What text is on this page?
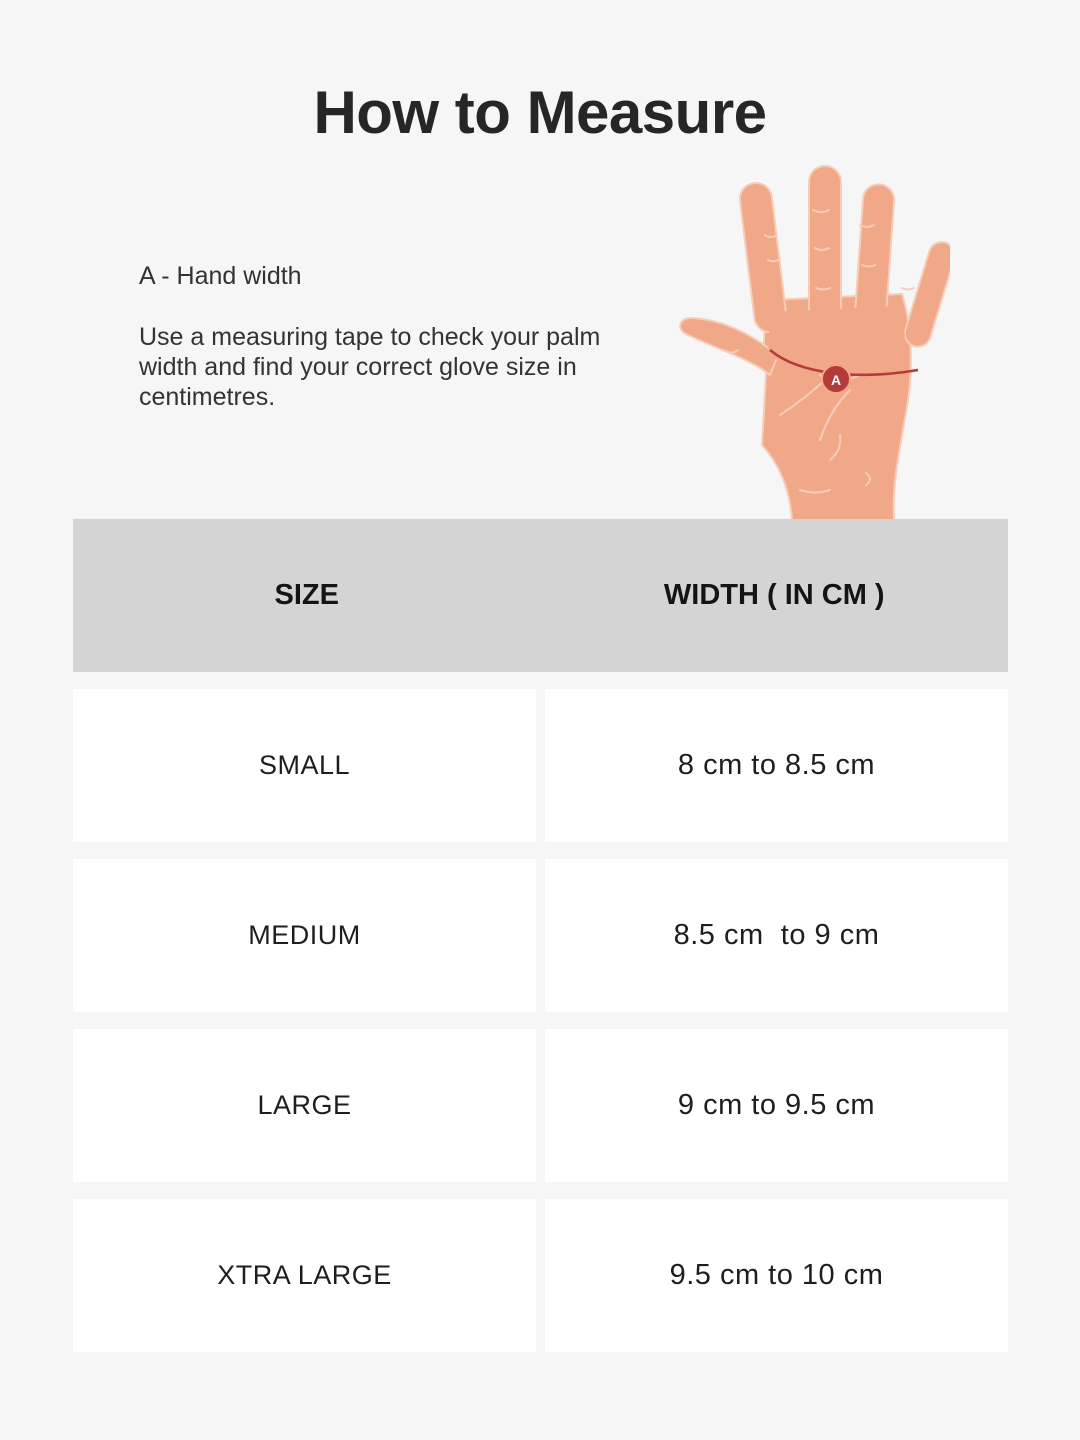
How to Measure

A - Hand width

Use a measuring tape to check your palm width and find your correct glove size in centimetres.

A
SIZE	WIDTH ( IN CM )
SMALL	8 cm to 8.5 cm
MEDIUM	8.5 cm  to 9 cm
LARGE	9 cm to 9.5 cm
XTRA LARGE	9.5 cm to 10 cm
